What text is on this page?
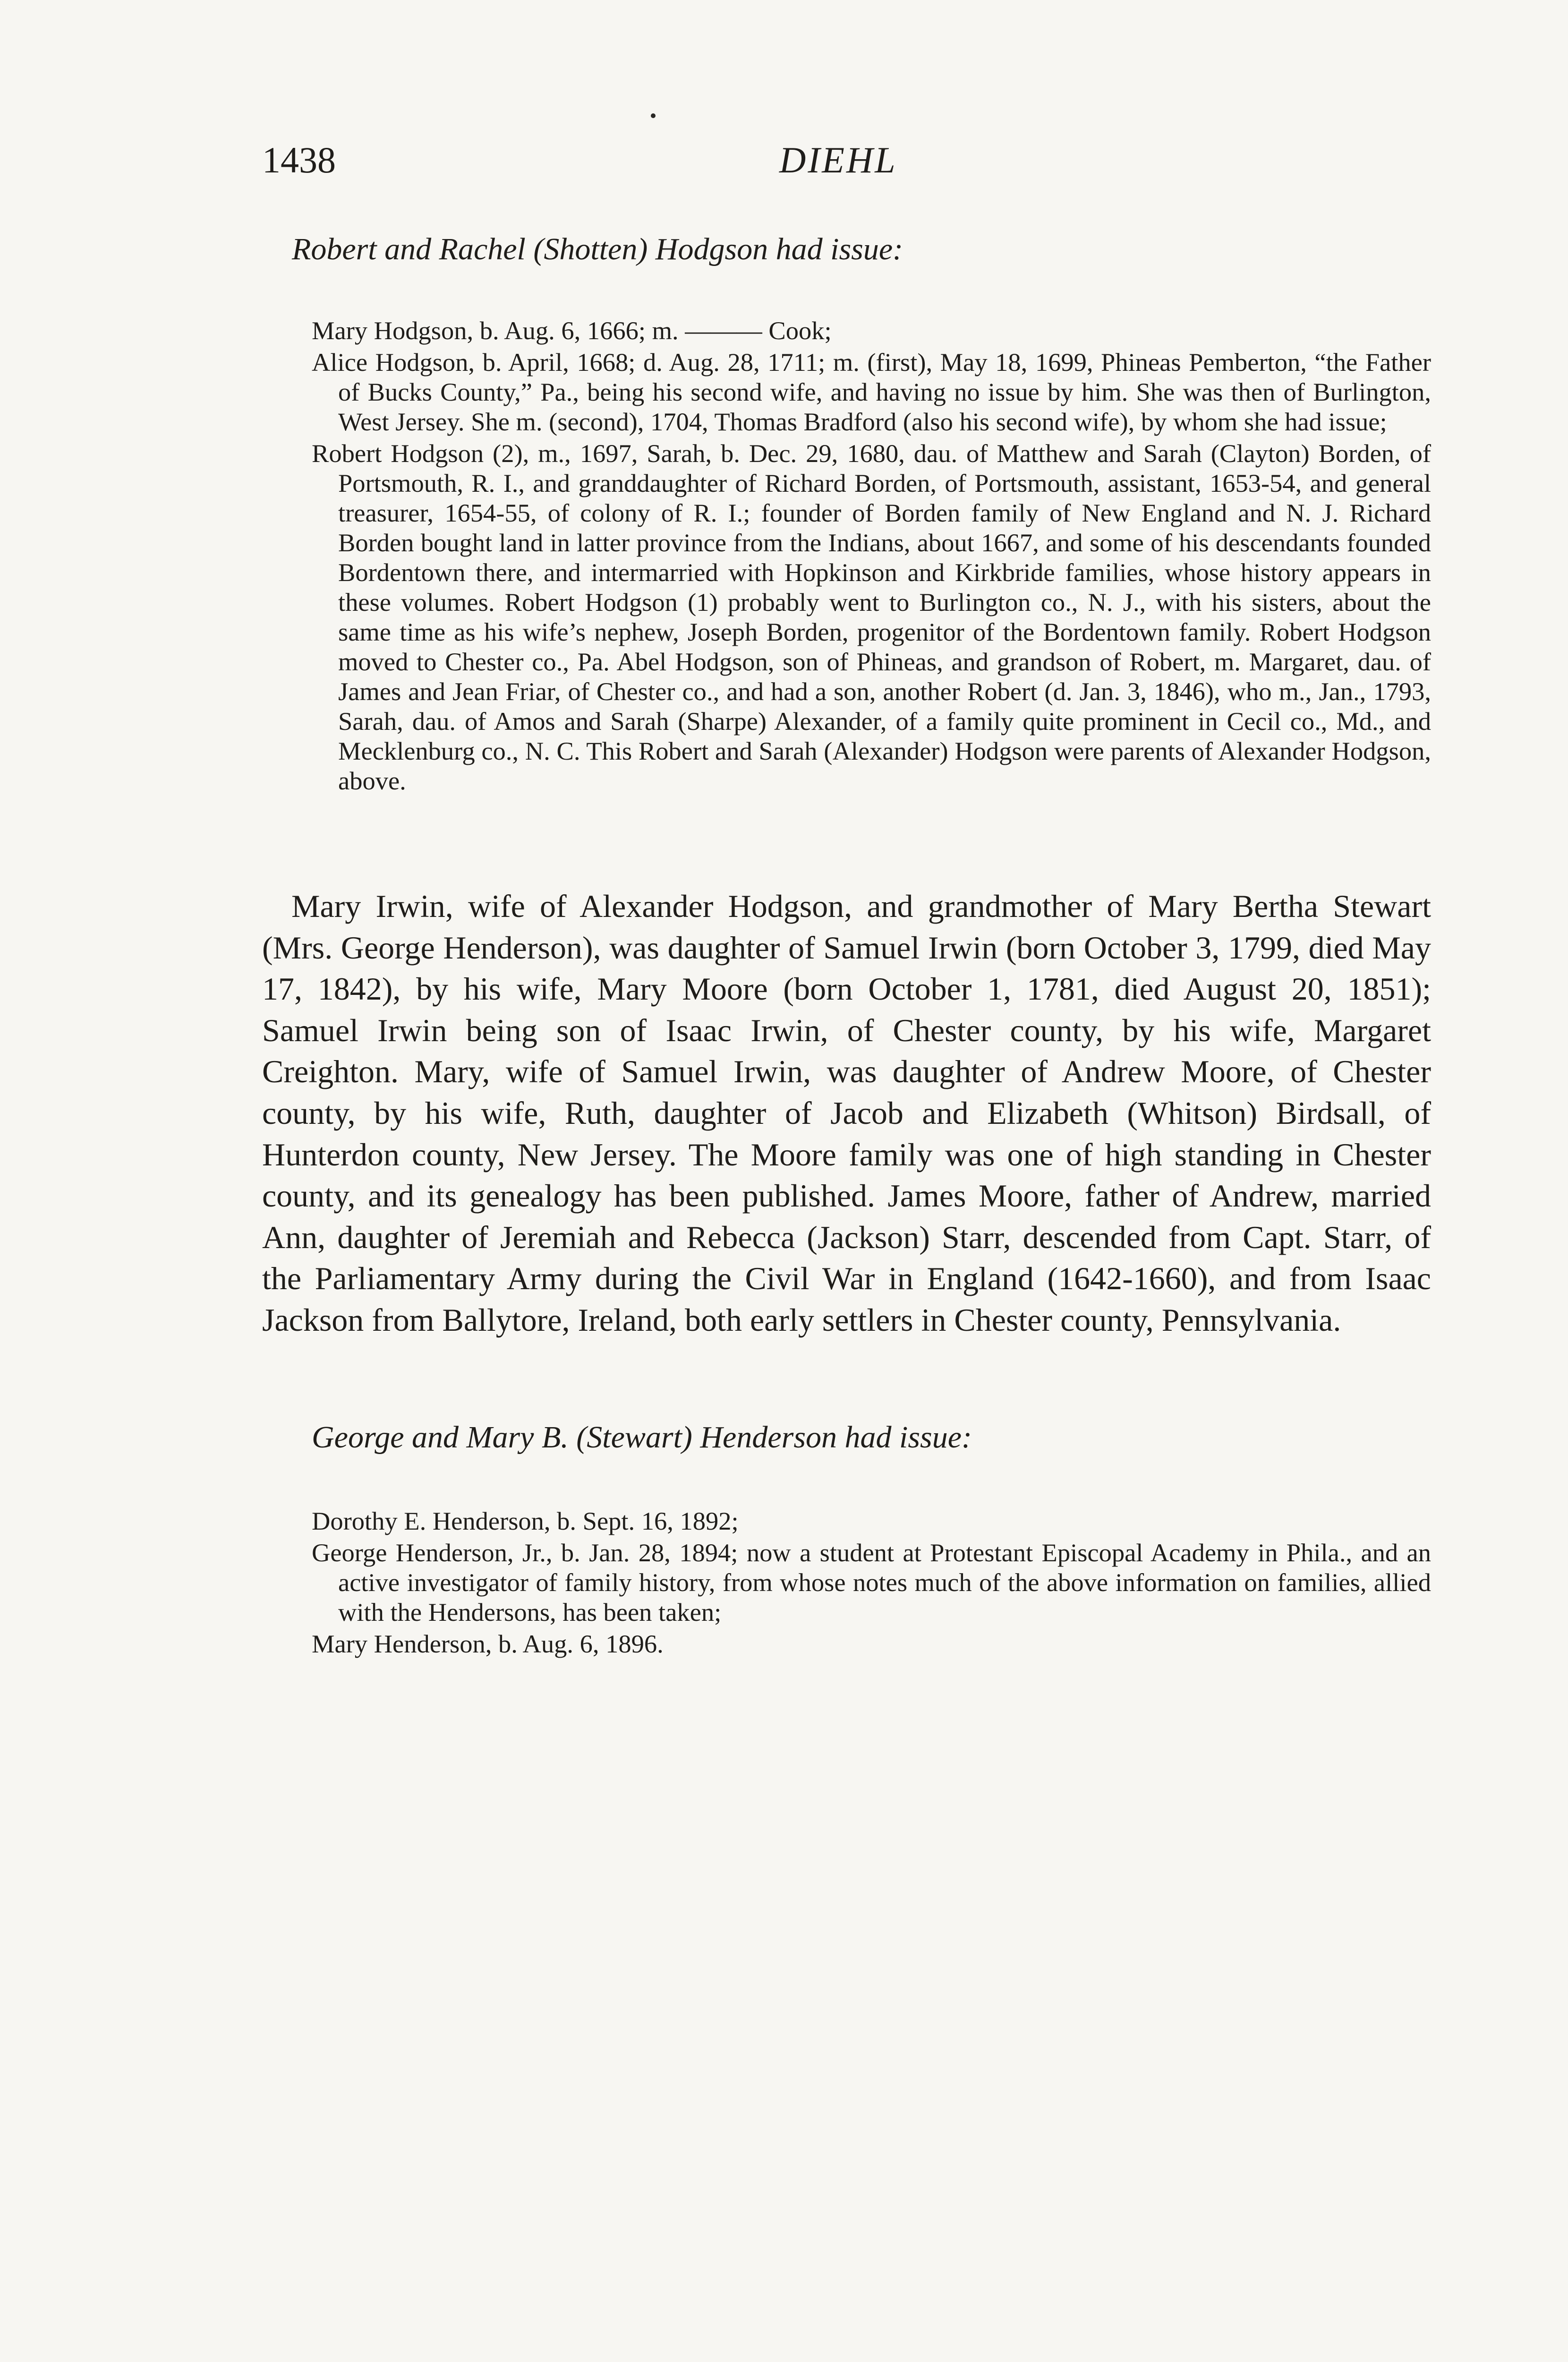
1438	DIEHL
Robert and Rachel (Shotten) Hodgson had issue:

Mary Hodgson, b. Aug. 6, 1666; m. ——— Cook;

Alice Hodgson, b. April, 1668; d. Aug. 28, 1711; m. (first), May 18, 1699, Phineas Pemberton, “the Father of Bucks County,” Pa., being his second wife, and having no issue by him. She was then of Burlington, West Jersey. She m. (second), 1704, Thomas Bradford (also his second wife), by whom she had issue;

Robert Hodgson (2), m., 1697, Sarah, b. Dec. 29, 1680, dau. of Matthew and Sarah (Clayton) Borden, of Portsmouth, R. I., and granddaughter of Richard Borden, of Portsmouth, assistant, 1653-54, and general treasurer, 1654-55, of colony of R. I.; founder of Borden family of New England and N. J. Richard Borden bought land in latter province from the Indians, about 1667, and some of his descendants founded Bordentown there, and intermarried with Hopkinson and Kirkbride families, whose history appears in these volumes. Robert Hodgson (1) probably went to Burlington co., N. J., with his sisters, about the same time as his wife’s nephew, Joseph Borden, progenitor of the Bordentown family. Robert Hodgson moved to Chester co., Pa. Abel Hodgson, son of Phineas, and grandson of Robert, m. Margaret, dau. of James and Jean Friar, of Chester co., and had a son, another Robert (d. Jan. 3, 1846), who m., Jan., 1793, Sarah, dau. of Amos and Sarah (Sharpe) Alexander, of a family quite prominent in Cecil co., Md., and Mecklenburg co., N. C. This Robert and Sarah (Alexander) Hodgson were parents of Alexander Hodgson, above.

Mary Irwin, wife of Alexander Hodgson, and grandmother of Mary Bertha Stewart (Mrs. George Henderson), was daughter of Samuel Irwin (born October 3, 1799, died May 17, 1842), by his wife, Mary Moore (born October 1, 1781, died August 20, 1851); Samuel Irwin being son of Isaac Irwin, of Chester county, by his wife, Margaret Creighton. Mary, wife of Samuel Irwin, was daughter of Andrew Moore, of Chester county, by his wife, Ruth, daughter of Jacob and Elizabeth (Whitson) Birdsall, of Hunterdon county, New Jersey. The Moore family was one of high standing in Chester county, and its genealogy has been published. James Moore, father of Andrew, married Ann, daughter of Jeremiah and Rebecca (Jackson) Starr, descended from Capt. Starr, of the Parliamentary Army during the Civil War in England (1642-1660), and from Isaac Jackson from Ballytore, Ireland, both early settlers in Chester county, Pennsylvania.

George and Mary B. (Stewart) Henderson had issue:

Dorothy E. Henderson, b. Sept. 16, 1892;

George Henderson, Jr., b. Jan. 28, 1894; now a student at Protestant Episcopal Academy in Phila., and an active investigator of family history, from whose notes much of the above information on families, allied with the Hendersons, has been taken;

Mary Henderson, b. Aug. 6, 1896.
